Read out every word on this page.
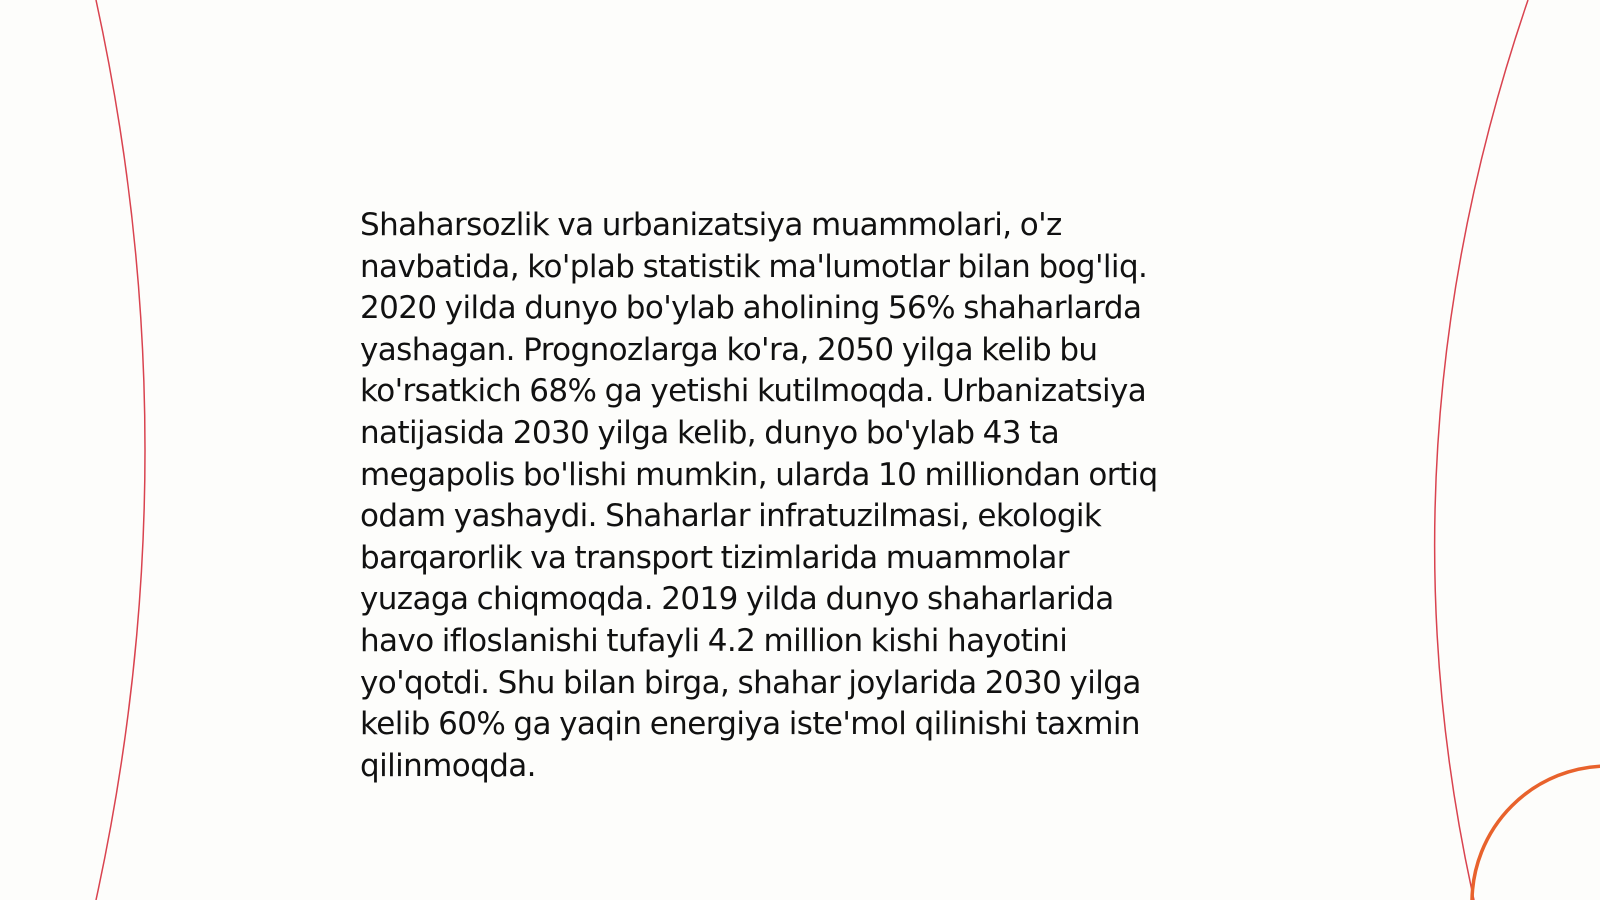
Shaharsozlik va urbanizatsiya muammolari, o'z
navbatida, ko'plab statistik ma'lumotlar bilan bog'liq.
2020 yilda dunyo bo'ylab aholining 56% shaharlarda
yashagan. Prognozlarga ko'ra, 2050 yilga kelib bu
ko'rsatkich 68% ga yetishi kutilmoqda. Urbanizatsiya
natijasida 2030 yilga kelib, dunyo bo'ylab 43 ta
megapolis bo'lishi mumkin, ularda 10 milliondan ortiq
odam yashaydi. Shaharlar infratuzilmasi, ekologik
barqarorlik va transport tizimlarida muammolar
yuzaga chiqmoqda. 2019 yilda dunyo shaharlarida
havo ifloslanishi tufayli 4.2 million kishi hayotini
yo'qotdi. Shu bilan birga, shahar joylarida 2030 yilga
kelib 60% ga yaqin energiya iste'mol qilinishi taxmin
qilinmoqda.
